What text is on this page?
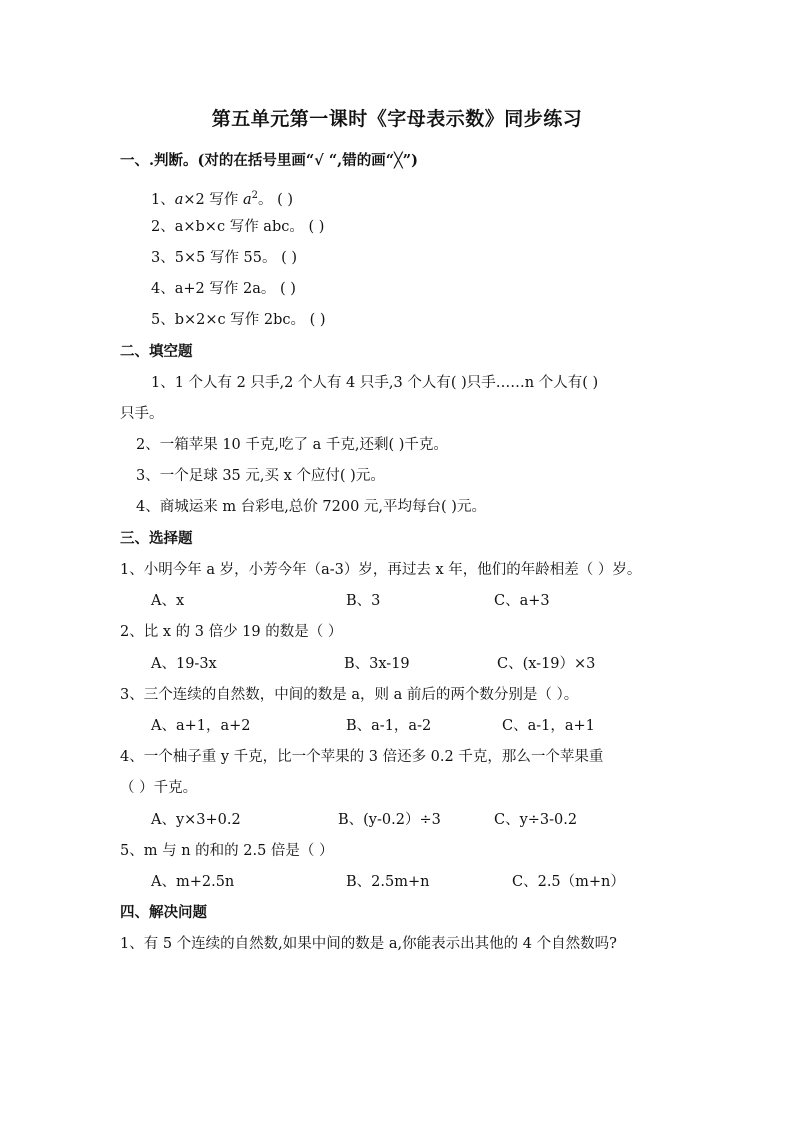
第五单元第一课时《字母表示数》同步练习
一、.判断。(对的在括号里画“√ “,错的画“╳”)
1、a×2 写作 $a^2$。 ( )
2、a×b×c 写作 abc。 ( )
3、5×5 写作 55。 ( )
4、a+2 写作 2a。 ( )
5、b×2×c 写作 2bc。 ( )
二、填空题
1、1 个人有 2 只手,2 个人有 4 只手,3 个人有( )只手……n 个人有( )
只手。
2、一箱苹果 10 千克,吃了 a 千克,还剩( )千克。
3、一个足球 35 元,买 x 个应付( )元。
4、商城运来 m 台彩电,总价 7200 元,平均每台( )元。
三、选择题
1、小明今年 a 岁，小芳今年（a-3）岁，再过去 x 年，他们的年龄相差（ ）岁。
A、x	B、3	C、a+3
2、比 x 的 3 倍少 19 的数是（ ）
A、19-3x	B、3x-19	C、(x-19）×3
3、三个连续的自然数，中间的数是 a，则 a 前后的两个数分别是（ ）。
A、a+1，a+2	B、a-1，a-2	C、a-1，a+1
4、一个柚子重 y 千克，比一个苹果的 3 倍还多 0.2 千克，那么一个苹果重
（ ）千克。
A、y×3+0.2	B、(y-0.2）÷3	C、y÷3-0.2
5、m 与 n 的和的 2.5 倍是（ ）
A、m+2.5n	B、2.5m+n	C、2.5（m+n）
四、解决问题
1、有 5 个连续的自然数,如果中间的数是 a,你能表示出其他的 4 个自然数吗?
